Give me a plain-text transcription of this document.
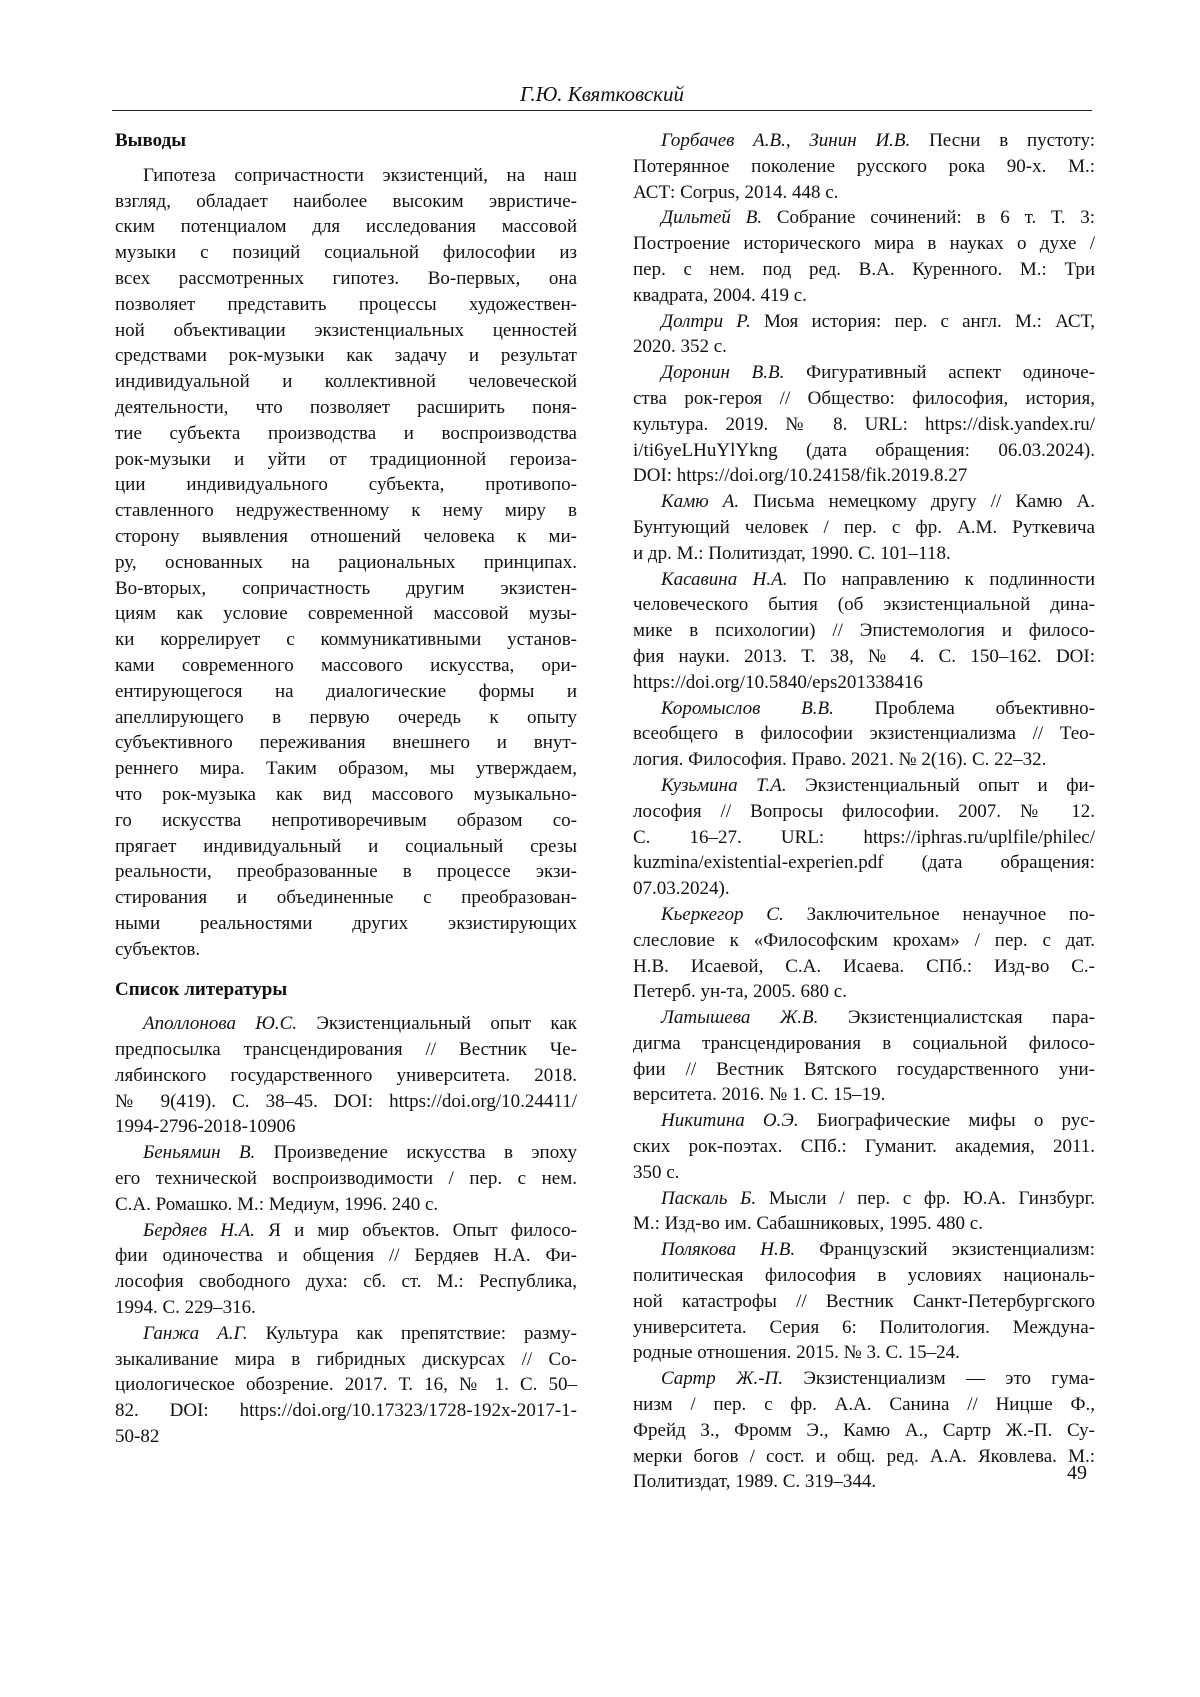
Г.Ю. Квятковский
Выводы
Гипотеза сопричастности экзистенций, на наш
взгляд, обладает наиболее высоким эвристиче-
ским потенциалом для исследования массовой
музыки с позиций социальной философии из
всех рассмотренных гипотез. Во-первых, она
позволяет представить процессы художествен-
ной объективации экзистенциальных ценностей
средствами рок-музыки как задачу и результат
индивидуальной и коллективной человеческой
деятельности, что позволяет расширить поня-
тие субъекта производства и воспроизводства
рок-музыки и уйти от традиционной героиза-
ции индивидуального субъекта, противопо-
ставленного недружественному к нему миру в
сторону выявления отношений человека к ми-
ру, основанных на рациональных принципах.
Во-вторых, сопричастность другим экзистен-
циям как условие современной массовой музы-
ки коррелирует с коммуникативными установ-
ками современного массового искусства, ори-
ентирующегося на диалогические формы и
апеллирующего в первую очередь к опыту
субъективного переживания внешнего и внут-
реннего мира. Таким образом, мы утверждаем,
что рок-музыка как вид массового музыкально-
го искусства непротиворечивым образом со-
прягает индивидуальный и социальный срезы
реальности, преобразованные в процессе экзи-
стирования и объединенные с преобразован-
ными реальностями других экзистирующих
субъектов.
Список литературы
Аполлонова Ю.С. Экзистенциальный опыт как
предпосылка трансцендирования // Вестник Че-
лябинского государственного университета. 2018.
№ 9(419). С. 38–45. DOI: https://doi.org/10.24411/
1994-2796-2018-10906
Беньямин В. Произведение искусства в эпоху
его технической воспроизводимости / пер. с нем.
С.А. Ромашко. М.: Медиум, 1996. 240 с.
Бердяев Н.А. Я и мир объектов. Опыт филосо-
фии одиночества и общения // Бердяев Н.А. Фи-
лософия свободного духа: сб. ст. М.: Республика,
1994. С. 229–316.
Ганжа А.Г. Культура как препятствие: разму-
зыкаливание мира в гибридных дискурсах // Со-
циологическое обозрение. 2017. Т. 16, № 1. С. 50–
82. DOI: https://doi.org/10.17323/1728-192x-2017-1-
50-82
Горбачев А.В., Зинин И.В. Песни в пустоту:
Потерянное поколение русского рока 90-х. М.:
АСТ: Corpus, 2014. 448 с.
Дильтей В. Собрание сочинений: в 6 т. Т. 3:
Построение исторического мира в науках о духе /
пер. с нем. под ред. В.А. Куренного. М.: Три
квадрата, 2004. 419 с.
Долтри Р. Моя история: пер. с англ. М.: АСТ,
2020. 352 с.
Доронин В.В. Фигуративный аспект одиноче-
ства рок-героя // Общество: философия, история,
культура. 2019. № 8. URL: https://disk.yandex.ru/
i/ti6yeLHuYlYkng (дата обращения: 06.03.2024).
DOI: https://doi.org/10.24158/fik.2019.8.27
Камю А. Письма немецкому другу // Камю А.
Бунтующий человек / пер. с фр. А.М. Руткевича
и др. М.: Политиздат, 1990. С. 101–118.
Касавина Н.А. По направлению к подлинности
человеческого бытия (об экзистенциальной дина-
мике в психологии) // Эпистемология и филосо-
фия науки. 2013. Т. 38, № 4. С. 150–162. DOI:
https://doi.org/10.5840/eps201338416
Коромыслов В.В. Проблема объективно-
всеобщего в философии экзистенциализма // Тео-
логия. Философия. Право. 2021. № 2(16). С. 22–32.
Кузьмина Т.А. Экзистенциальный опыт и фи-
лософия // Вопросы философии. 2007. № 12.
С. 16–27. URL: https://iphras.ru/uplfile/philec/
kuzmina/existential-experien.pdf (дата обращения:
07.03.2024).
Кьеркегор С. Заключительное ненаучное по-
слесловие к «Философским крохам» / пер. с дат.
Н.В. Исаевой, С.А. Исаева. СПб.: Изд-во С.-
Петерб. ун-та, 2005. 680 с.
Латышева Ж.В. Экзистенциалистская пара-
дигма трансцендирования в социальной филосо-
фии // Вестник Вятского государственного уни-
верситета. 2016. № 1. С. 15–19.
Никитина О.Э. Биографические мифы о рус-
ских рок-поэтах. СПб.: Гуманит. академия, 2011.
350 с.
Паскаль Б. Мысли / пер. с фр. Ю.А. Гинзбург.
М.: Изд-во им. Сабашниковых, 1995. 480 с.
Полякова Н.В. Французский экзистенциализм:
политическая философия в условиях националь-
ной катастрофы // Вестник Санкт-Петербургского
университета. Серия 6: Политология. Междуна-
родные отношения. 2015. № 3. С. 15–24.
Сартр Ж.-П. Экзистенциализм — это гума-
низм / пер. с фр. А.А. Санина // Ницше Ф.,
Фрейд З., Фромм Э., Камю А., Сартр Ж.-П. Су-
мерки богов / сост. и общ. ред. А.А. Яковлева. М.:
Политиздат, 1989. С. 319–344.	49
